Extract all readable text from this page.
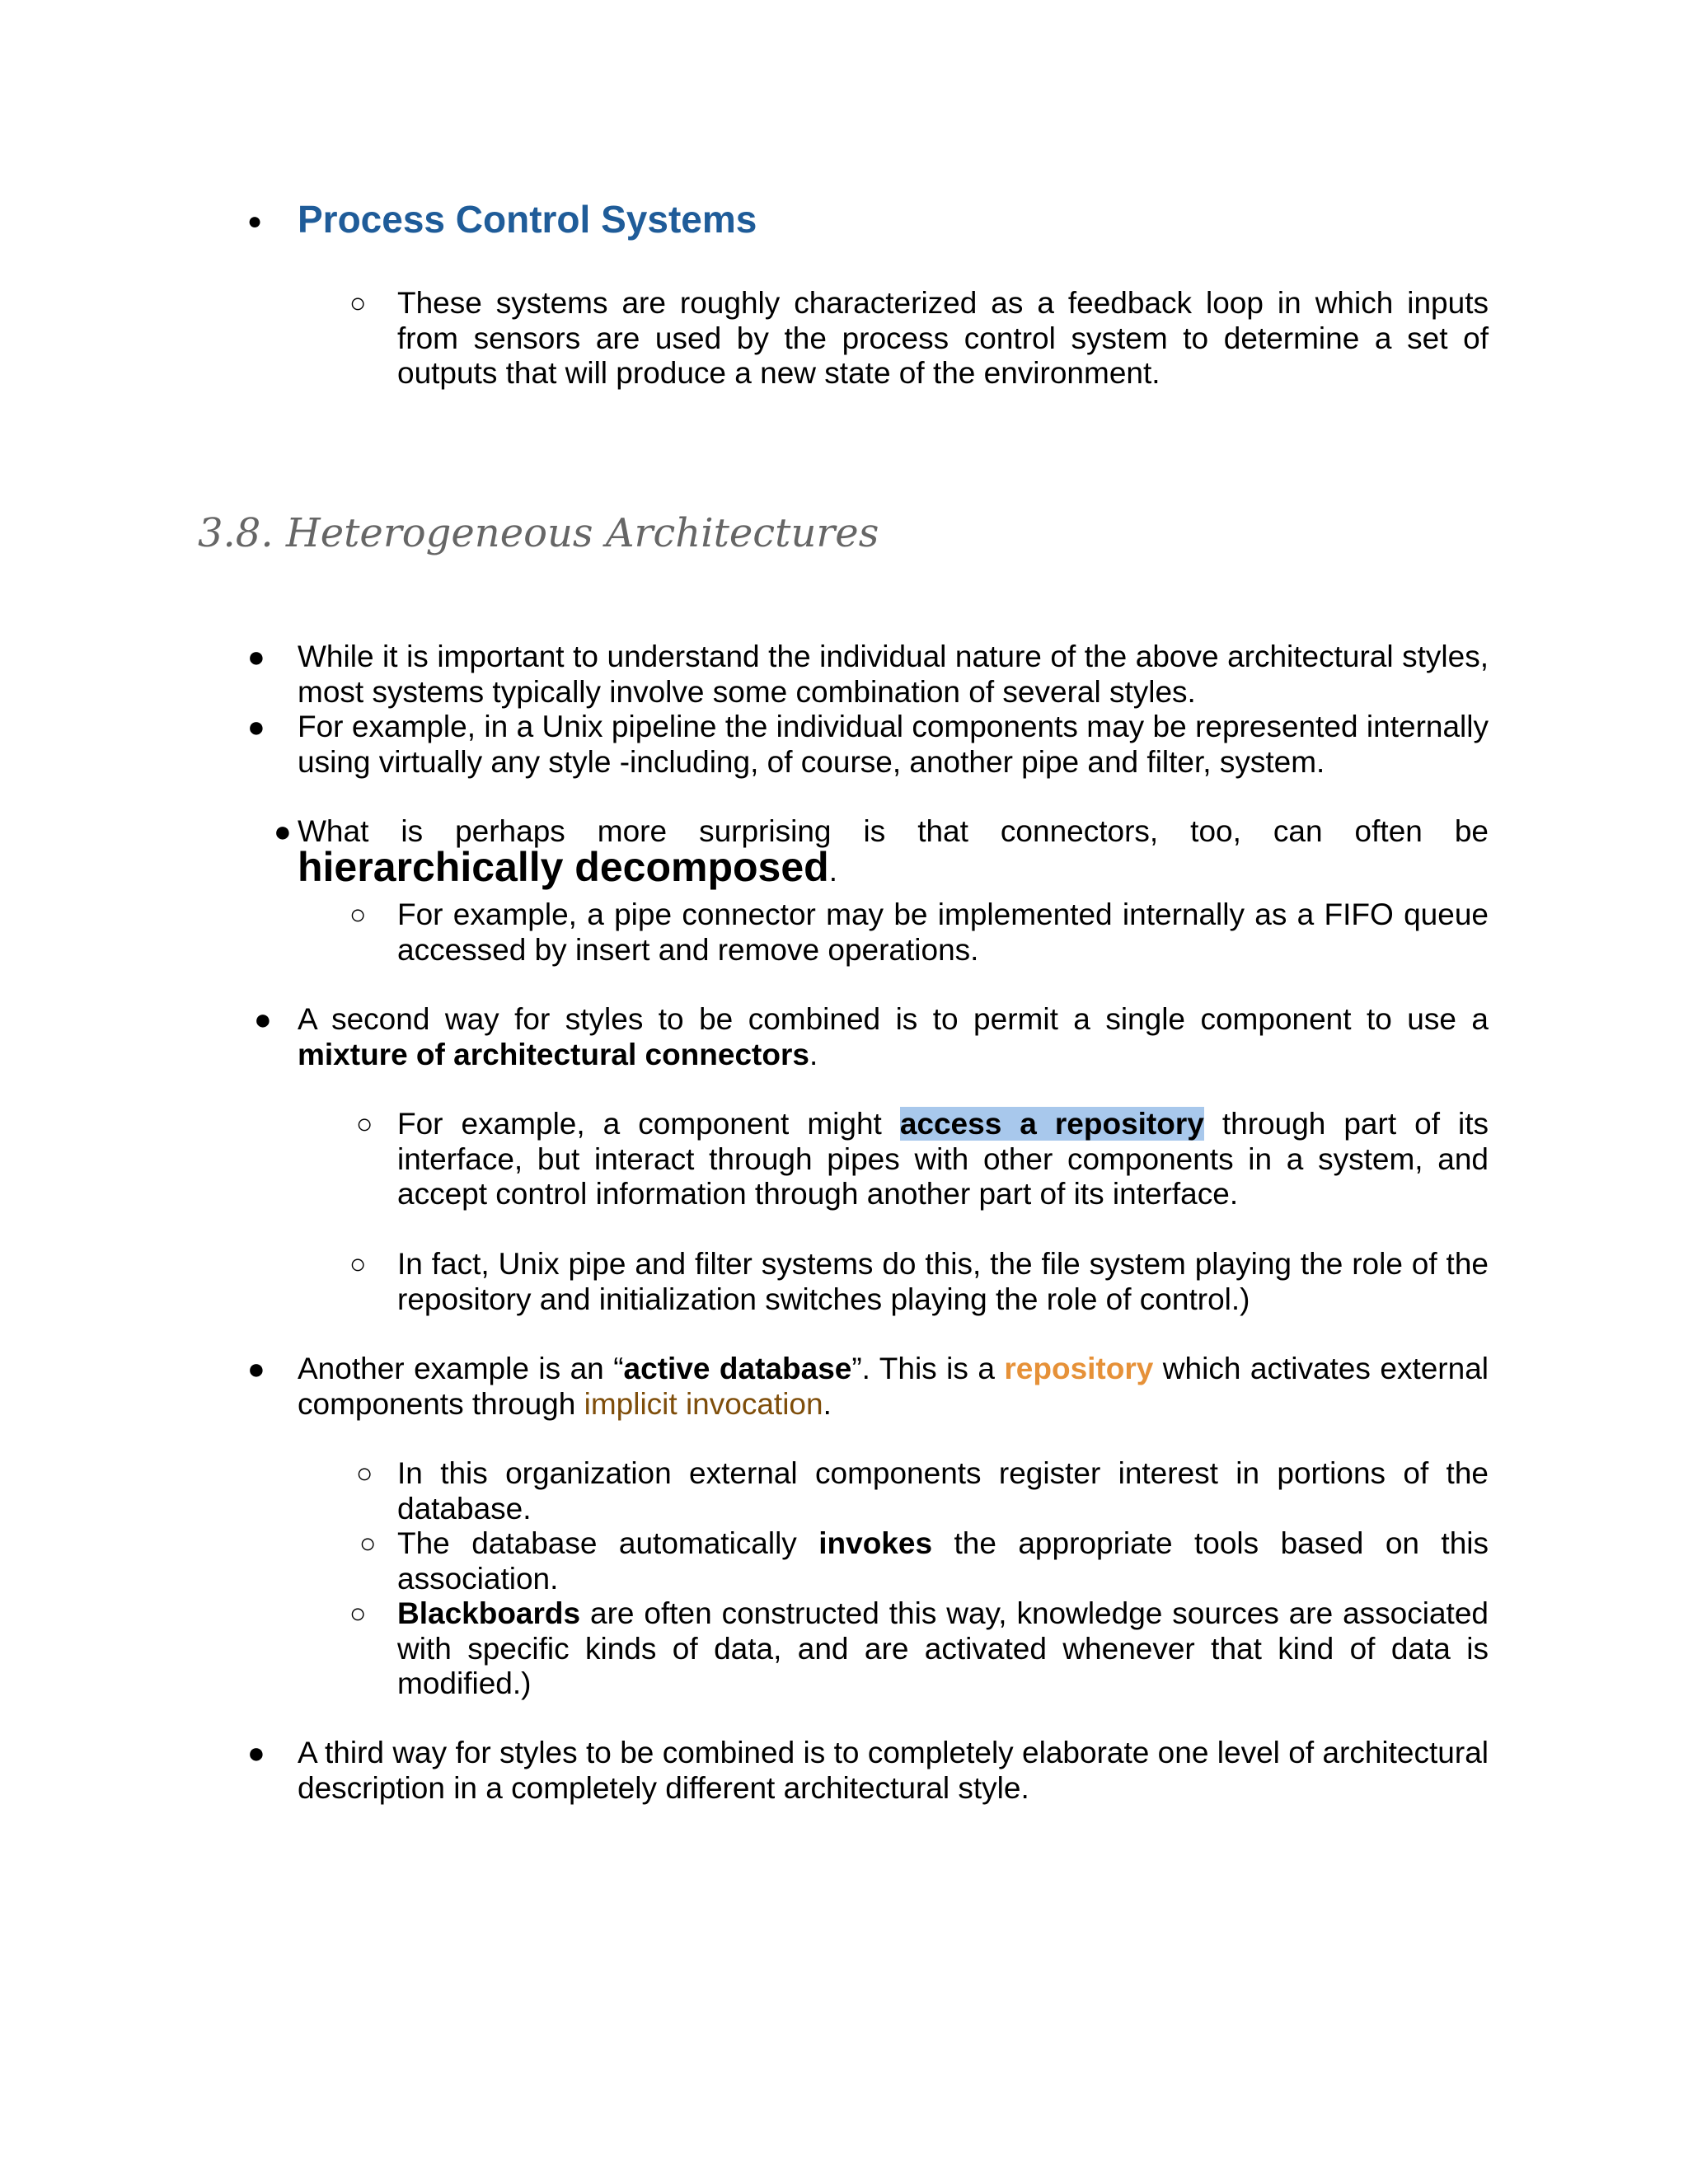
● Process Control Systems
○ These systems are roughly characterized as a feedback loop in which inputs from sensors are used by the process control system to determine a set of outputs that will produce a new state of the environment.
3.8. Heterogeneous Architectures
● While it is important to understand the individual nature of the above architectural styles, most systems typically involve some combination of several styles.
● For example, in a Unix pipeline the individual components may be represented internally using virtually any style -including, of course, another pipe and filter, system.
● What is perhaps more surprising is that connectors, too, can often be hierarchically decomposed.
○ For example, a pipe connector may be implemented internally as a FIFO queue accessed by insert and remove operations.
● A second way for styles to be combined is to permit a single component to use a mixture of architectural connectors.
○ For example, a component might access a repository through part of its interface, but interact through pipes with other components in a system, and accept control information through another part of its interface.
○ In fact, Unix pipe and filter systems do this, the file system playing the role of the repository and initialization switches playing the role of control.)
● Another example is an “active database”. This is a repository which activates external components through implicit invocation.
○ In this organization external components register interest in portions of the database.
○ The database automatically invokes the appropriate tools based on this association.
○ Blackboards are often constructed this way, knowledge sources are associated with specific kinds of data, and are activated whenever that kind of data is modified.)
● A third way for styles to be combined is to completely elaborate one level of architectural description in a completely different architectural style.
